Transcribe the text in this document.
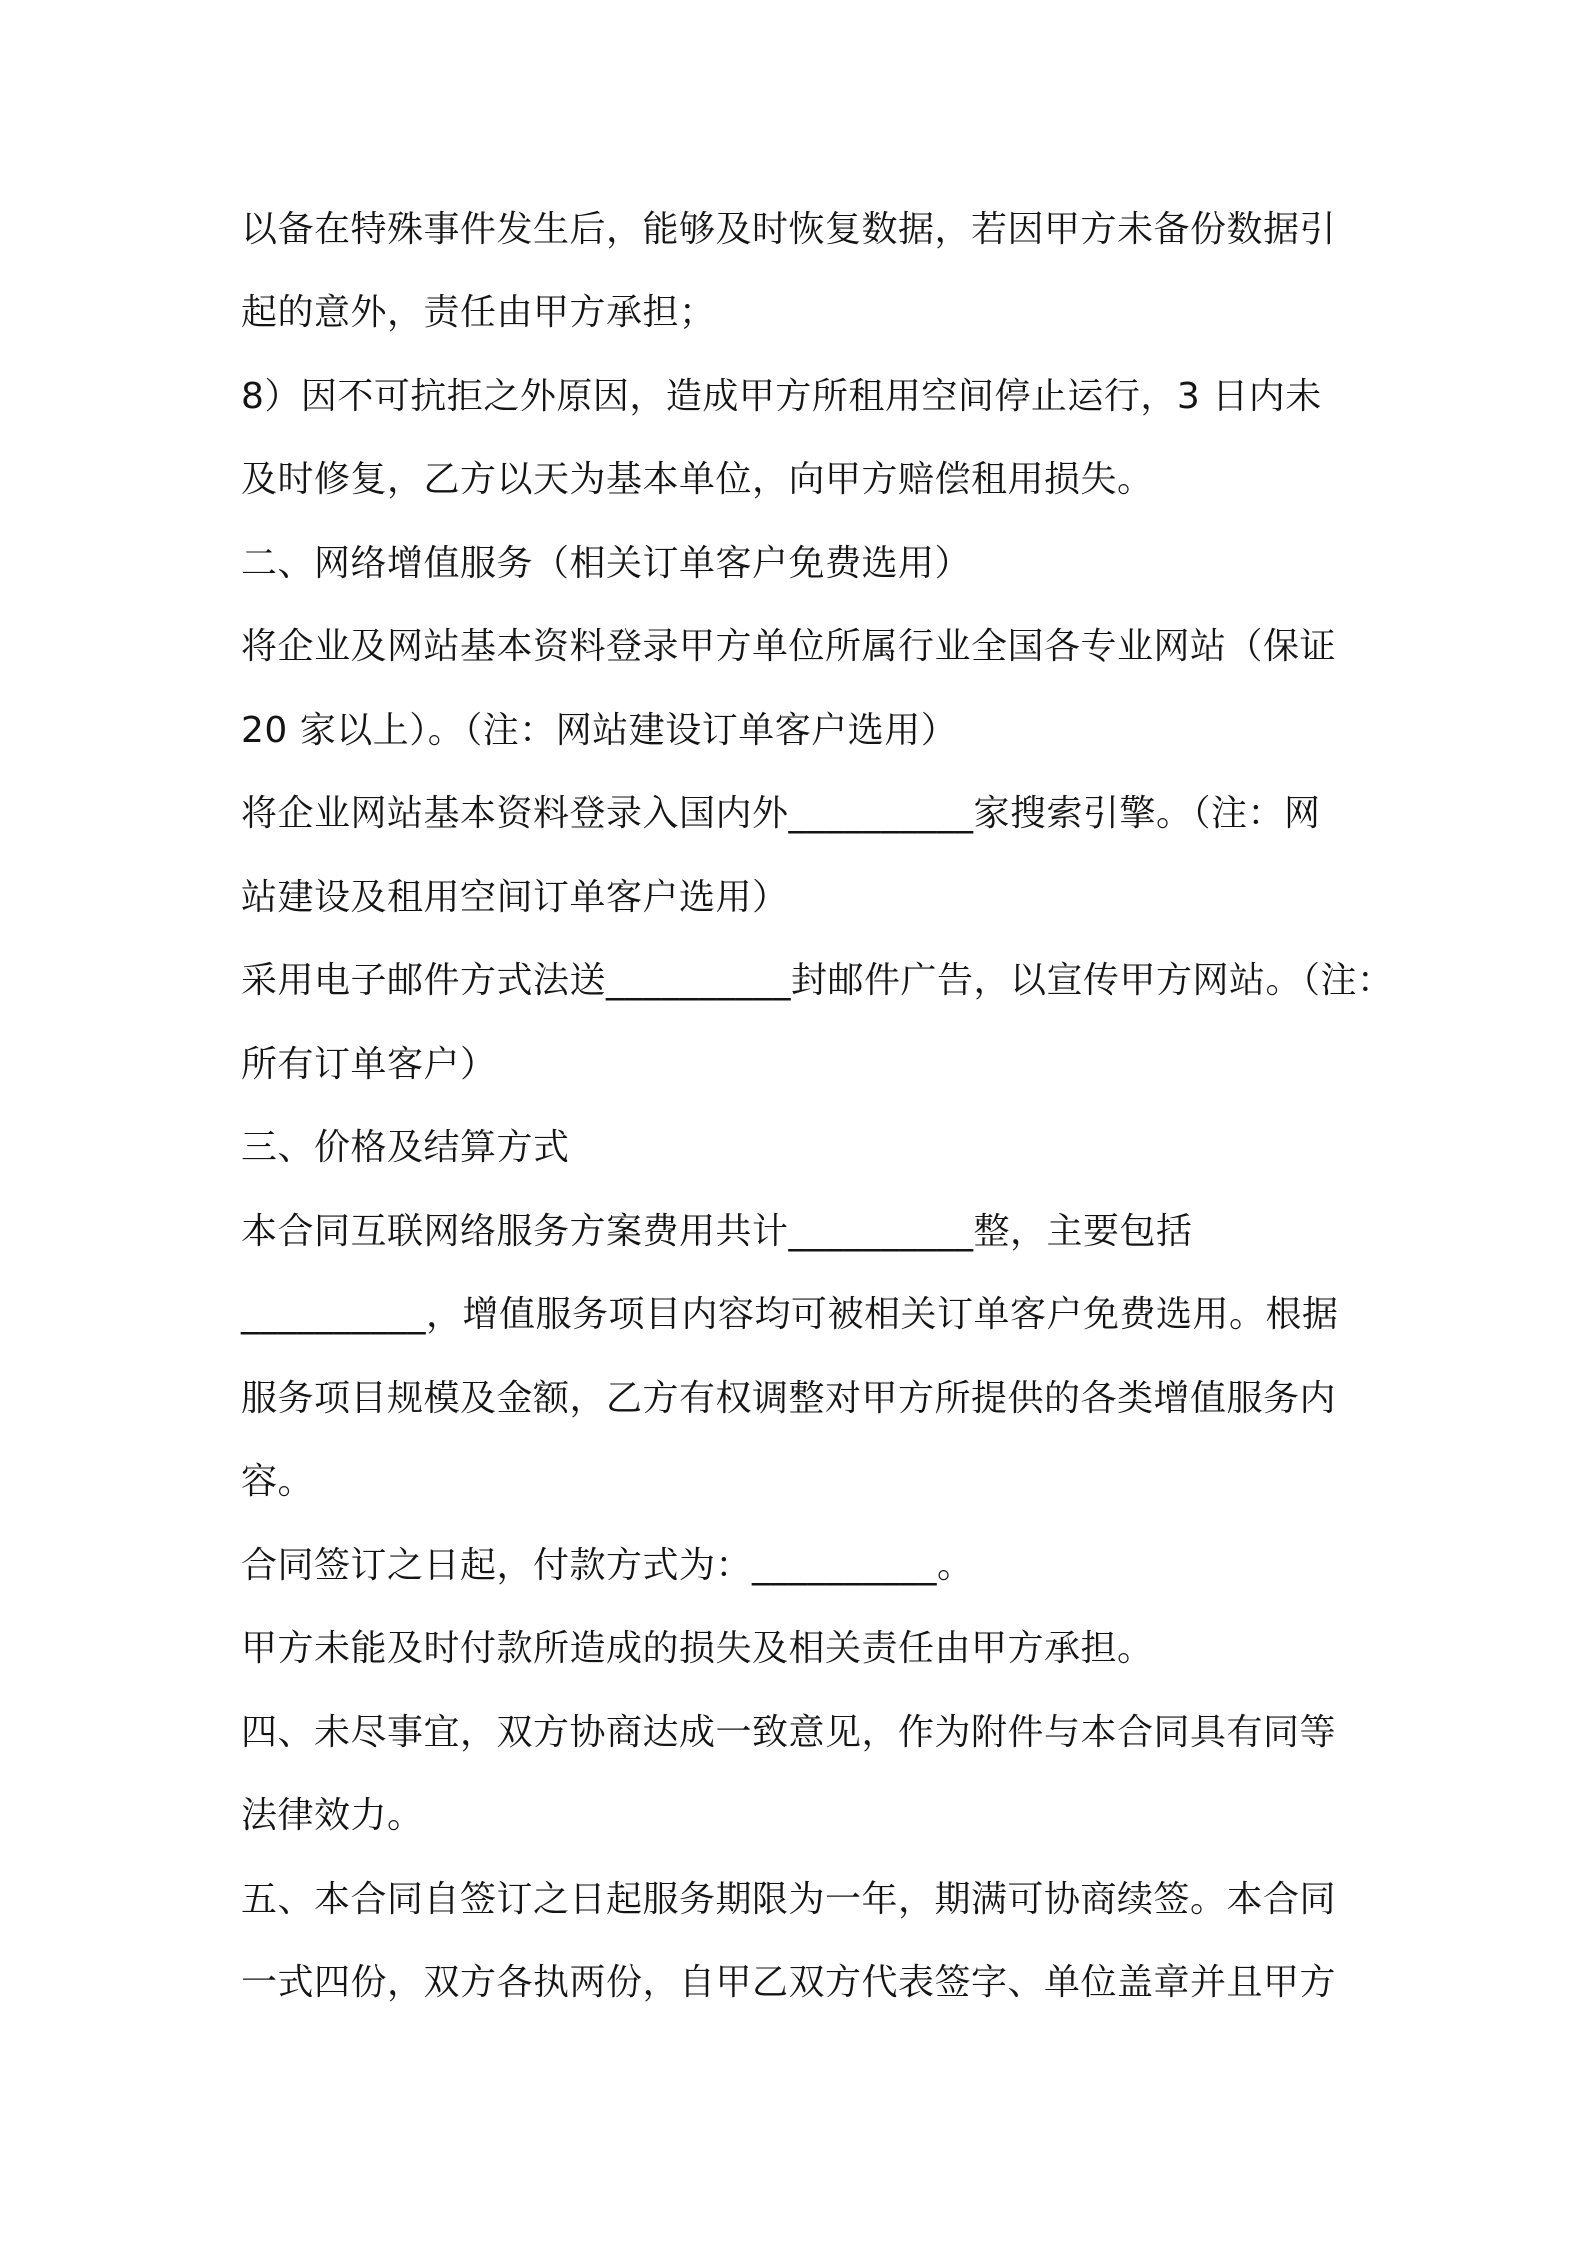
以备在特殊事件发生后，能够及时恢复数据，若因甲方未备份数据引
起的意外，责任由甲方承担；
8）因不可抗拒之外原因，造成甲方所租用空间停止运行，3 日内未
及时修复，乙方以天为基本单位，向甲方赔偿租用损失。
二、网络增值服务（相关订单客户免费选用）
将企业及网站基本资料登录甲方单位所属行业全国各专业网站（保证
20 家以上）。（注：网站建设订单客户选用）
将企业网站基本资料登录入国内外__________家搜索引擎。（注：网
站建设及租用空间订单客户选用）
采用电子邮件方式法送__________封邮件广告，以宣传甲方网站。（注：
所有订单客户）
三、价格及结算方式
本合同互联网络服务方案费用共计__________整，主要包括
__________，增值服务项目内容均可被相关订单客户免费选用。根据
服务项目规模及金额，乙方有权调整对甲方所提供的各类增值服务内
容。
合同签订之日起，付款方式为：__________。
甲方未能及时付款所造成的损失及相关责任由甲方承担。
四、未尽事宜，双方协商达成一致意见，作为附件与本合同具有同等
法律效力。
五、本合同自签订之日起服务期限为一年，期满可协商续签。本合同
一式四份，双方各执两份，自甲乙双方代表签字、单位盖章并且甲方
